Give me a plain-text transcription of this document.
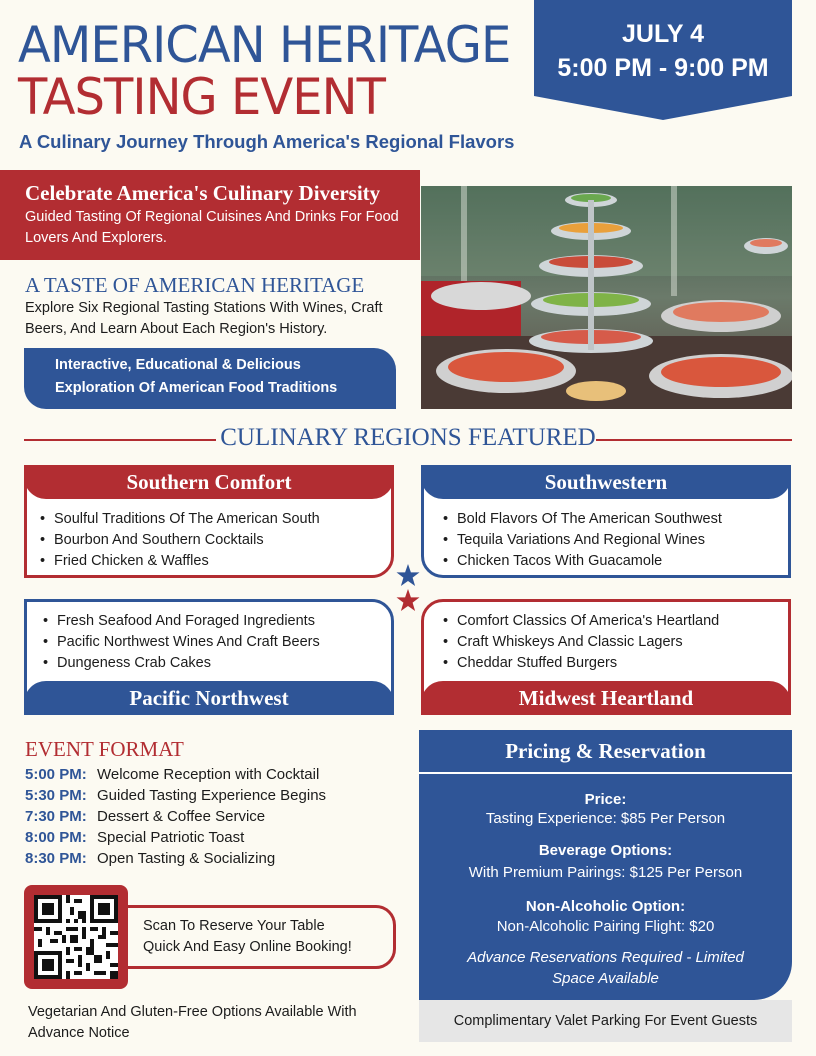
AMERICAN HERITAGE
TASTING EVENT
A Culinary Journey Through America's Regional Flavors
JULY 4
5:00 PM - 9:00 PM
Celebrate America's Culinary Diversity

Guided Tasting Of Regional Cuisines And Drinks For Food Lovers And Explorers.

A TASTE OF AMERICAN HERITAGE
Explore Six Regional Tasting Stations With Wines, Craft Beers, And Learn About Each Region's History.
Interactive, Educational & Delicious
Exploration Of American Food Traditions
CULINARY REGIONS FEATURED
Southern Comfort
• Soulful Traditions Of The American South
• Bourbon And Southern Cocktails
• Fried Chicken & Waffles
Southwestern
• Bold Flavors Of The American Southwest
• Tequila Variations And Regional Wines
• Chicken Tacos With Guacamole
• Fresh Seafood And Foraged Ingredients
• Pacific Northwest Wines And Craft Beers
• Dungeness Crab Cakes
Pacific Northwest
• Comfort Classics Of America's Heartland
• Craft Whiskeys And Classic Lagers
• Cheddar Stuffed Burgers
Midwest Heartland
EVENT FORMAT
5:00 PM: Welcome Reception with Cocktail
5:30 PM: Guided Tasting Experience Begins
7:30 PM: Dessert & Coffee Service
8:00 PM: Special Patriotic Toast
8:30 PM: Open Tasting & Socializing
Scan To Reserve Your Table
Quick And Easy Online Booking!
Vegetarian And Gluten-Free Options Available With Advance Notice
Pricing & Reservation
Price:
Tasting Experience: $85 Per Person
Beverage Options:
With Premium Pairings: $125 Per Person
Non-Alcoholic Option:
Non-Alcoholic Pairing Flight: $20
Advance Reservations Required - Limited Space Available
Complimentary Valet Parking For Event Guests
